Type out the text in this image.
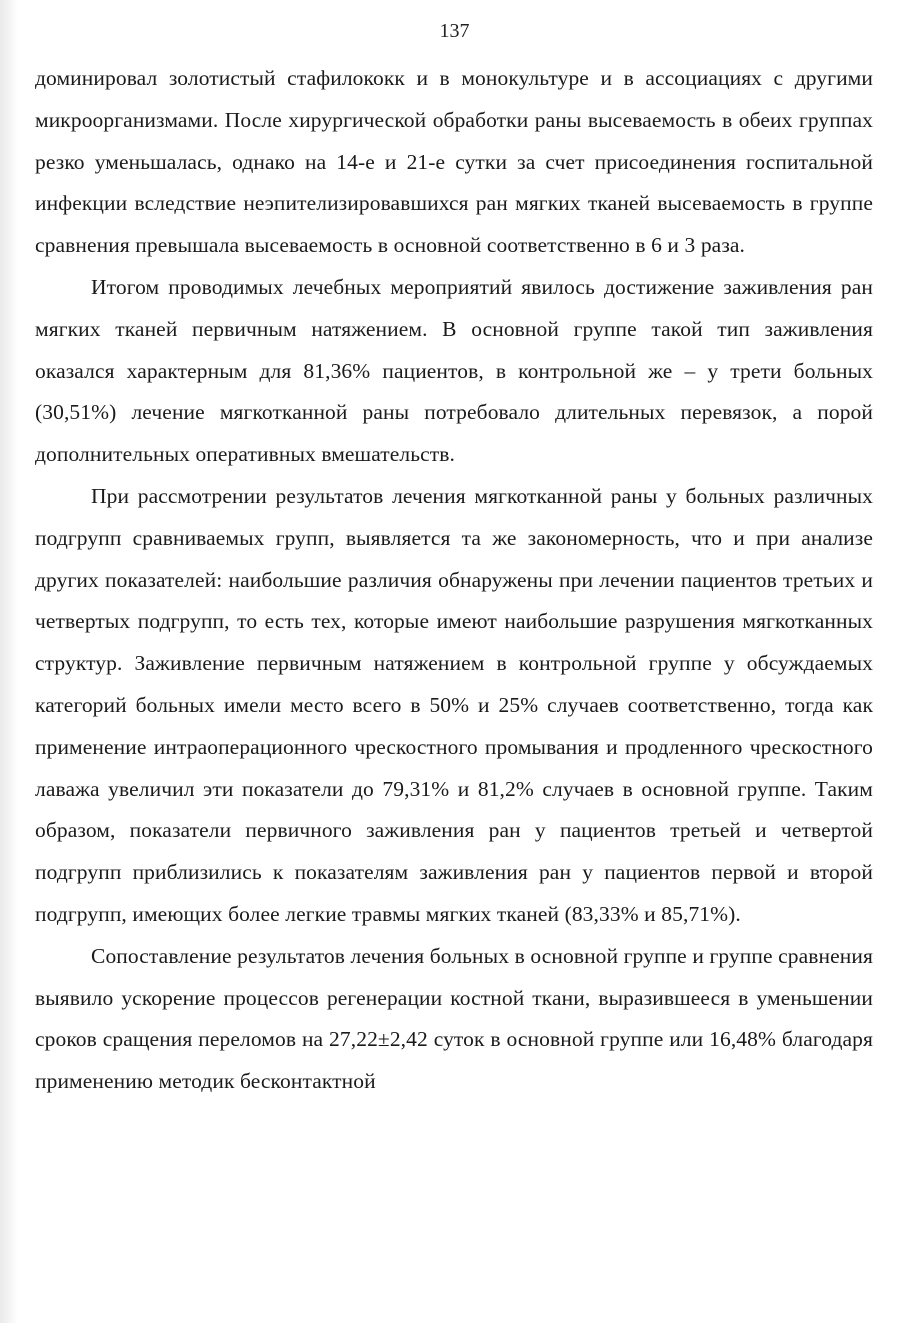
137

доминировал золотистый стафилококк и в монокультуре и в ассоциациях с другими микроорганизмами. После хирургической обработки раны высеваемость в обеих группах резко уменьшалась, однако на 14-е и 21-е сутки за счет присоединения госпитальной инфекции вследствие неэпителизировавшихся ран мягких тканей высеваемость в группе сравнения превышала высеваемость в основной соответственно в 6 и 3 раза.

Итогом проводимых лечебных мероприятий явилось достижение заживления ран мягких тканей первичным натяжением. В основной группе такой тип заживления оказался характерным для 81,36% пациентов, в контрольной же – у трети больных (30,51%) лечение мягкотканной раны потребовало длительных перевязок, а порой дополнительных оперативных вмешательств.

При рассмотрении результатов лечения мягкотканной раны у больных различных подгрупп сравниваемых групп, выявляется та же закономерность, что и при анализе других показателей: наибольшие различия обнаружены при лечении пациентов третьих и четвертых подгрупп, то есть тех, которые имеют наибольшие разрушения мягкотканных структур. Заживление первичным натяжением в контрольной группе у обсуждаемых категорий больных имели место всего в 50% и 25% случаев соответственно, тогда как применение интраоперационного чрескостного промывания и продленного чрескостного лаважа увеличил эти показатели до 79,31% и 81,2% случаев в основной группе. Таким образом, показатели первичного заживления ран у пациентов третьей и четвертой подгрупп приблизились к показателям заживления ран у пациентов первой и второй подгрупп, имеющих более легкие травмы мягких тканей (83,33% и 85,71%).

Сопоставление результатов лечения больных в основной группе и группе сравнения выявило ускорение процессов регенерации костной ткани, выразившееся в уменьшении сроков сращения переломов на 27,22±2,42 суток в основной группе или 16,48% благодаря применению методик бесконтактной
